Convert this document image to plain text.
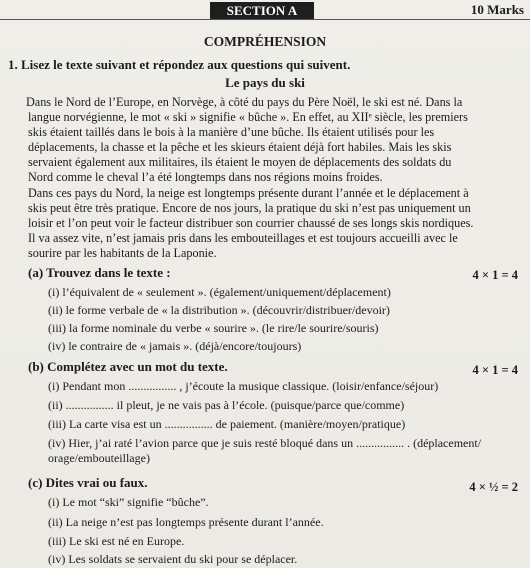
SECTION A	10 Marks
COMPRÉHENSION
1. Lisez le texte suivant et répondez aux questions qui suivent.
Le pays du ski
Dans le Nord de l’Europe, en Norvège, à côté du pays du Père Noël, le ski est né. Dans la
langue norvégienne, le mot « ski » signifie « bûche ». En effet, au XIIᵉ siècle, les premiers
skis étaient taillés dans le bois à la manière d’une bûche. Ils étaient utilisés pour les
déplacements, la chasse et la pêche et les skieurs étaient déjà fort habiles. Mais les skis
servaient également aux militaires, ils étaient le moyen de déplacements des soldats du
Nord comme le cheval l’a été longtemps dans nos régions moins froides.
Dans ces pays du Nord, la neige est longtemps présente durant l’année et le déplacement à
skis peut être très pratique. Encore de nos jours, la pratique du ski n’est pas uniquement un
loisir et l’on peut voir le facteur distribuer son courrier chaussé de ses longs skis nordiques.
Il va assez vite, n’est jamais pris dans les embouteillages et est toujours accueilli avec le
sourire par les habitants de la Laponie.
(a) Trouvez dans le texte :	4 × 1 = 4
(i) l’équivalent de « seulement ». (également/uniquement/déplacement)
(ii) le forme verbale de « la distribution ». (découvrir/distribuer/devoir)
(iii) la forme nominale du verbe « sourire ». (le rire/le sourire/souris)
(iv) le contraire de « jamais ». (déjà/encore/toujours)
(b) Complétez avec un mot du texte.	4 × 1 = 4
(i) Pendant mon ................ , j’écoute la musique classique. (loisir/enfance/séjour)
(ii) ................ il pleut, je ne vais pas à l’école. (puisque/parce que/comme)
(iii) La carte visa est un ................ de paiement. (manière/moyen/pratique)
(iv) Hier, j’ai raté l’avion parce que je suis resté bloqué dans un ................ . (déplacement/
orage/embouteillage)
(c) Dites vrai ou faux.	4 × ½ = 2
(i) Le mot “ski” signifie “bûche”.
(ii) La neige n’est pas longtemps présente durant l’année.
(iii) Le ski est né en Europe.
(iv) Les soldats se servaient du ski pour se déplacer.
